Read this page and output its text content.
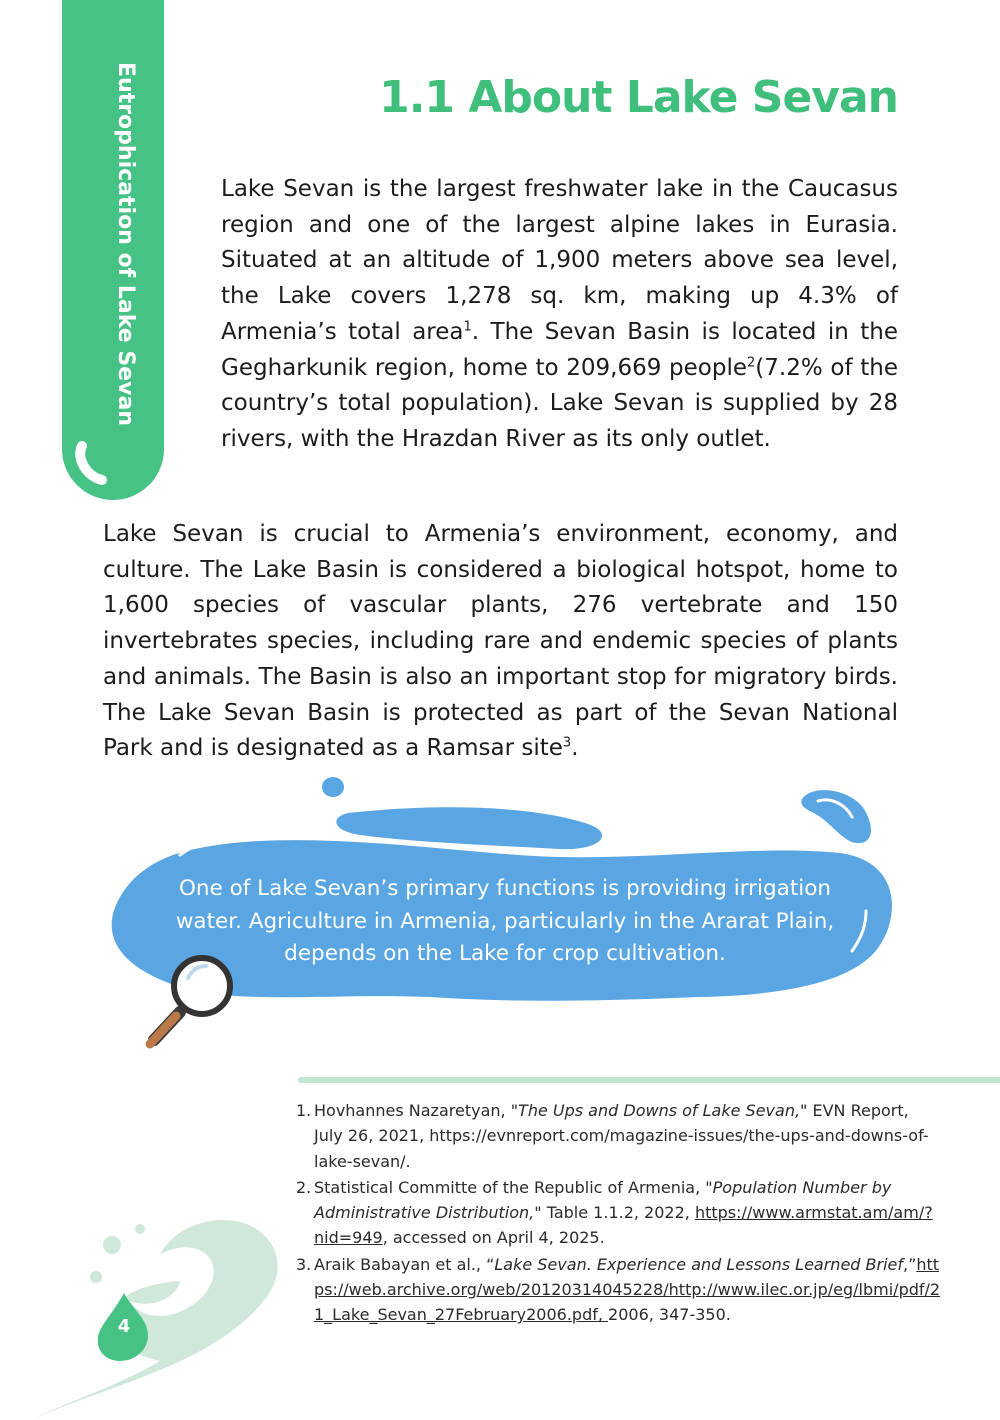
Eutrophication of Lake Sevan	1.1 About Lake Sevan

Lake Sevan is the largest freshwater lake in the Caucasus region and one of the largest alpine lakes in Eurasia. Situated at an altitude of 1,900 meters above sea level, the Lake covers 1,278 sq. km, making up 4.3% of Armenia’s total area$^1$. The Sevan Basin is located in the Gegharkunik region, home to 209,669 people$^2$(7.2% of the country’s total population). Lake Sevan is supplied by 28 rivers, with the Hrazdan River as its only outlet.

Lake Sevan is crucial to Armenia’s environment, economy, and culture. The Lake Basin is considered a biological hotspot, home to 1,600 species of vascular plants, 276 vertebrate and 150 invertebrates species, including rare and endemic species of plants and animals. The Basin is also an important stop for migratory birds. The Lake Sevan Basin is protected as part of the Sevan National Park and is designated as a Ramsar site$^3$.

One of Lake Sevan’s primary functions is providing irrigation water. Agriculture in Armenia, particularly in the Ararat Plain, depends on the Lake for crop cultivation.

1. Hovhannes Nazaretyan, "The Ups and Downs of Lake Sevan," EVN Report, July 26, 2021, https://evnreport.com/magazine-issues/the-ups-and-downs-of-lake-sevan/.
2. Statistical Committe of the Republic of Armenia, "Population Number by Administrative Distribution," Table 1.1.2, 2022, https://www.armstat.am/am/?nid=949, accessed on April 4, 2025.
3. Araik Babayan et al., “Lake Sevan. Experience and Lessons Learned Brief,”https://web.archive.org/web/20120314045228/http://www.ilec.or.jp/eg/lbmi/pdf/21_Lake_Sevan_27February2006.pdf, 2006, 347-350.
4
